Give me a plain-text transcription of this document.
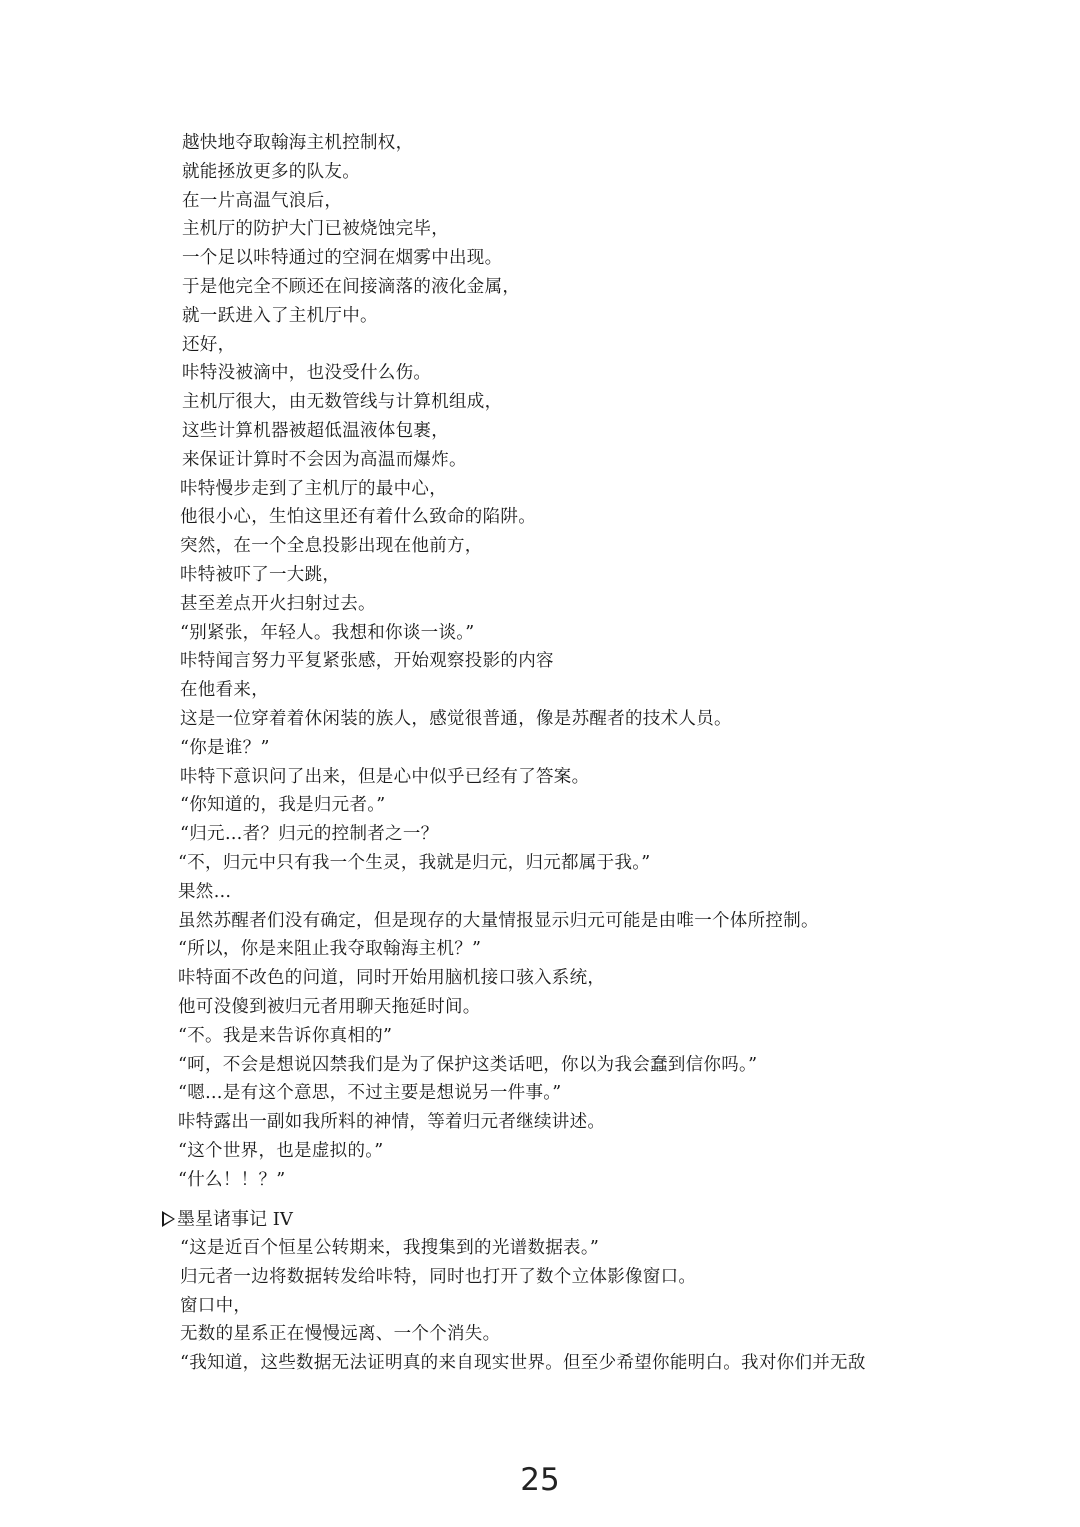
越快地夺取翰海主机控制权，
就能拯放更多的队友。
在一片高温气浪后，
主机厅的防护大门已被烧蚀完毕，
一个足以咔特通过的空洞在烟雾中出现。
于是他完全不顾还在间接滴落的液化金属，
就一跃进入了主机厅中。
还好，
咔特没被滴中，也没受什么伤。
主机厅很大，由无数管线与计算机组成，
这些计算机器被超低温液体包裹，
来保证计算时不会因为高温而爆炸。
咔特慢步走到了主机厅的最中心，
他很小心，生怕这里还有着什么致命的陷阱。
突然，在一个全息投影出现在他前方，
咔特被吓了一大跳，
甚至差点开火扫射过去。
“别紧张，年轻人。我想和你谈一谈。”
咔特闻言努力平复紧张感，开始观察投影的内容
在他看来，
这是一位穿着着休闲装的族人，感觉很普通，像是苏醒者的技术人员。
“你是谁？”
咔特下意识问了出来，但是心中似乎已经有了答案。
“你知道的，我是归元者。”
“归元…者？归元的控制者之一？
“不，归元中只有我一个生灵，我就是归元，归元都属于我。”
果然…
虽然苏醒者们没有确定，但是现存的大量情报显示归元可能是由唯一个体所控制。
“所以，你是来阻止我夺取翰海主机？”
咔特面不改色的问道，同时开始用脑机接口骇入系统，
他可没傻到被归元者用聊天拖延时间。
“不。我是来告诉你真相的”
“呵，不会是想说囚禁我们是为了保护这类话吧，你以为我会蠢到信你吗。”
“嗯…是有这个意思，不过主要是想说另一件事。”
咔特露出一副如我所料的神情，等着归元者继续讲述。
“这个世界，也是虚拟的。”
“什么！！？”
墨星诸事记 IV
“这是近百个恒星公转期来，我搜集到的光谱数据表。”
归元者一边将数据转发给咔特，同时也打开了数个立体影像窗口。
窗口中，
无数的星系正在慢慢远离、一个个消失。
“我知道，这些数据无法证明真的来自现实世界。但至少希望你能明白。我对你们并无敌
25
